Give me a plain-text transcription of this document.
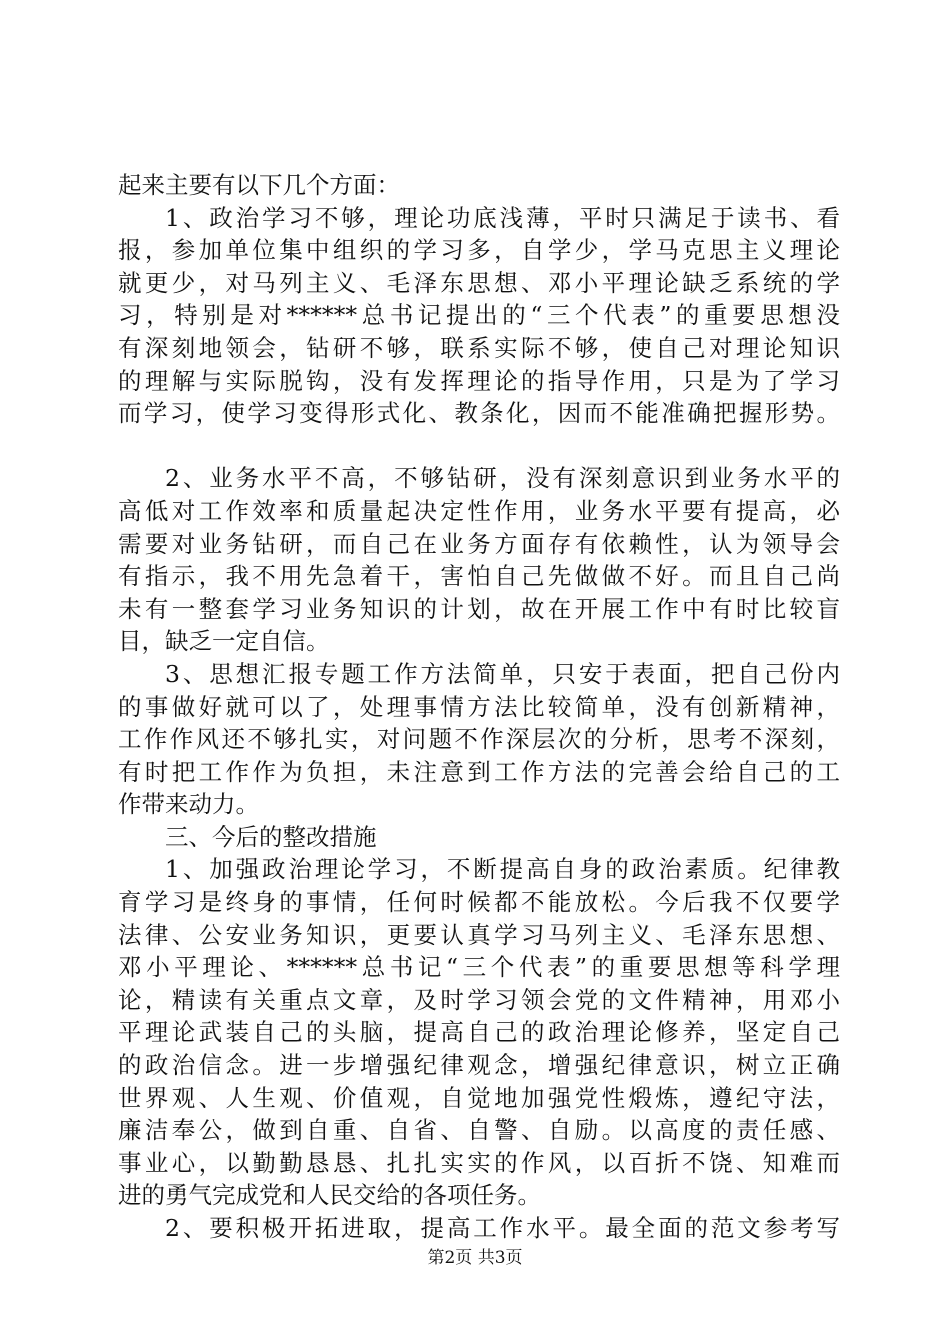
起来主要有以下几个方面：
1、政治学习不够，理论功底浅薄，平时只满足于读书、看
报，参加单位集中组织的学习多，自学少，学马克思主义理论
就更少，对马列主义、毛泽东思想、邓小平理论缺乏系统的学
习，特别是对******总书记提出的“三个代表”的重要思想没
有深刻地领会，钻研不够，联系实际不够，使自己对理论知识
的理解与实际脱钩，没有发挥理论的指导作用，只是为了学习
而学习，使学习变得形式化、教条化，因而不能准确把握形势。
2、业务水平不高，不够钻研，没有深刻意识到业务水平的
高低对工作效率和质量起决定性作用，业务水平要有提高，必
需要对业务钻研，而自己在业务方面存有依赖性，认为领导会
有指示，我不用先急着干，害怕自己先做做不好。而且自己尚
未有一整套学习业务知识的计划，故在开展工作中有时比较盲
目，缺乏一定自信。
3、思想汇报专题工作方法简单，只安于表面，把自己份内
的事做好就可以了，处理事情方法比较简单，没有创新精神，
工作作风还不够扎实，对问题不作深层次的分析，思考不深刻，
有时把工作作为负担，未注意到工作方法的完善会给自己的工
作带来动力。
三、今后的整改措施
1、加强政治理论学习，不断提高自身的政治素质。纪律教
育学习是终身的事情，任何时候都不能放松。今后我不仅要学
法律、公安业务知识，更要认真学习马列主义、毛泽东思想、
邓小平理论、******总书记“三个代表”的重要思想等科学理
论，精读有关重点文章，及时学习领会党的文件精神，用邓小
平理论武装自己的头脑，提高自己的政治理论修养，坚定自己
的政治信念。进一步增强纪律观念，增强纪律意识，树立正确
世界观、人生观、价值观，自觉地加强党性煅炼，遵纪守法，
廉洁奉公，做到自重、自省、自警、自励。以高度的责任感、
事业心，以勤勤恳恳、扎扎实实的作风，以百折不饶、知难而
进的勇气完成党和人民交给的各项任务。
2、要积极开拓进取，提高工作水平。最全面的范文参考写
第2页 共3页
